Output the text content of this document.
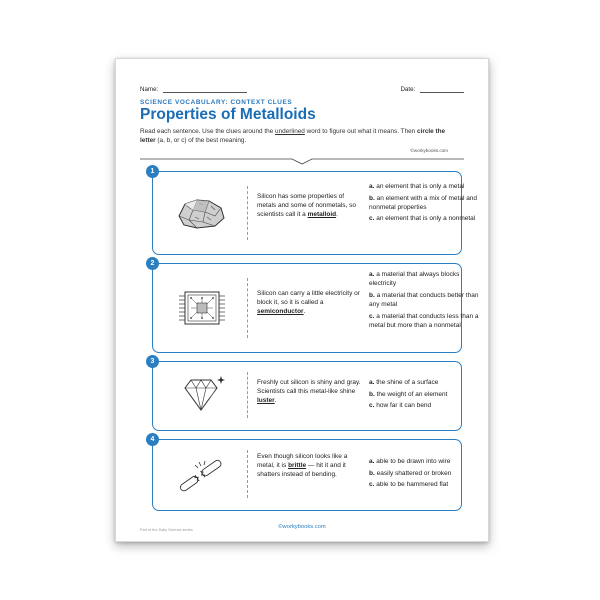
Name:	Date:
SCIENCE VOCABULARY: CONTEXT CLUES
Properties of Metalloids
Read each sentence. Use the clues around the underlined word to figure out what it means. Then circle the letter (a, b, or c) of the best meaning.
©workybooks.com
1
Silicon has some properties of metals and some of nonmetals, so scientists call it a metalloid.
a. an element that is only a metal
b. an element with a mix of metal and nonmetal properties
c. an element that is only a nonmetal
2
Silicon can carry a little electricity or block it, so it is called a semiconductor.
a. a material that always blocks electricity
b. a material that conducts better than any metal
c. a material that conducts less than a metal but more than a nonmetal
3
Freshly cut silicon is shiny and gray. Scientists call this metal-like shine luster.
a. the shine of a surface
b. the weight of an element
c. how far it can bend
4
Even though silicon looks like a metal, it is brittle — hit it and it shatters instead of bending.
a. able to be drawn into wire
b. easily shattered or broken
c. able to be hammered flat
Part of the Daily Science series	©workybooks.com
